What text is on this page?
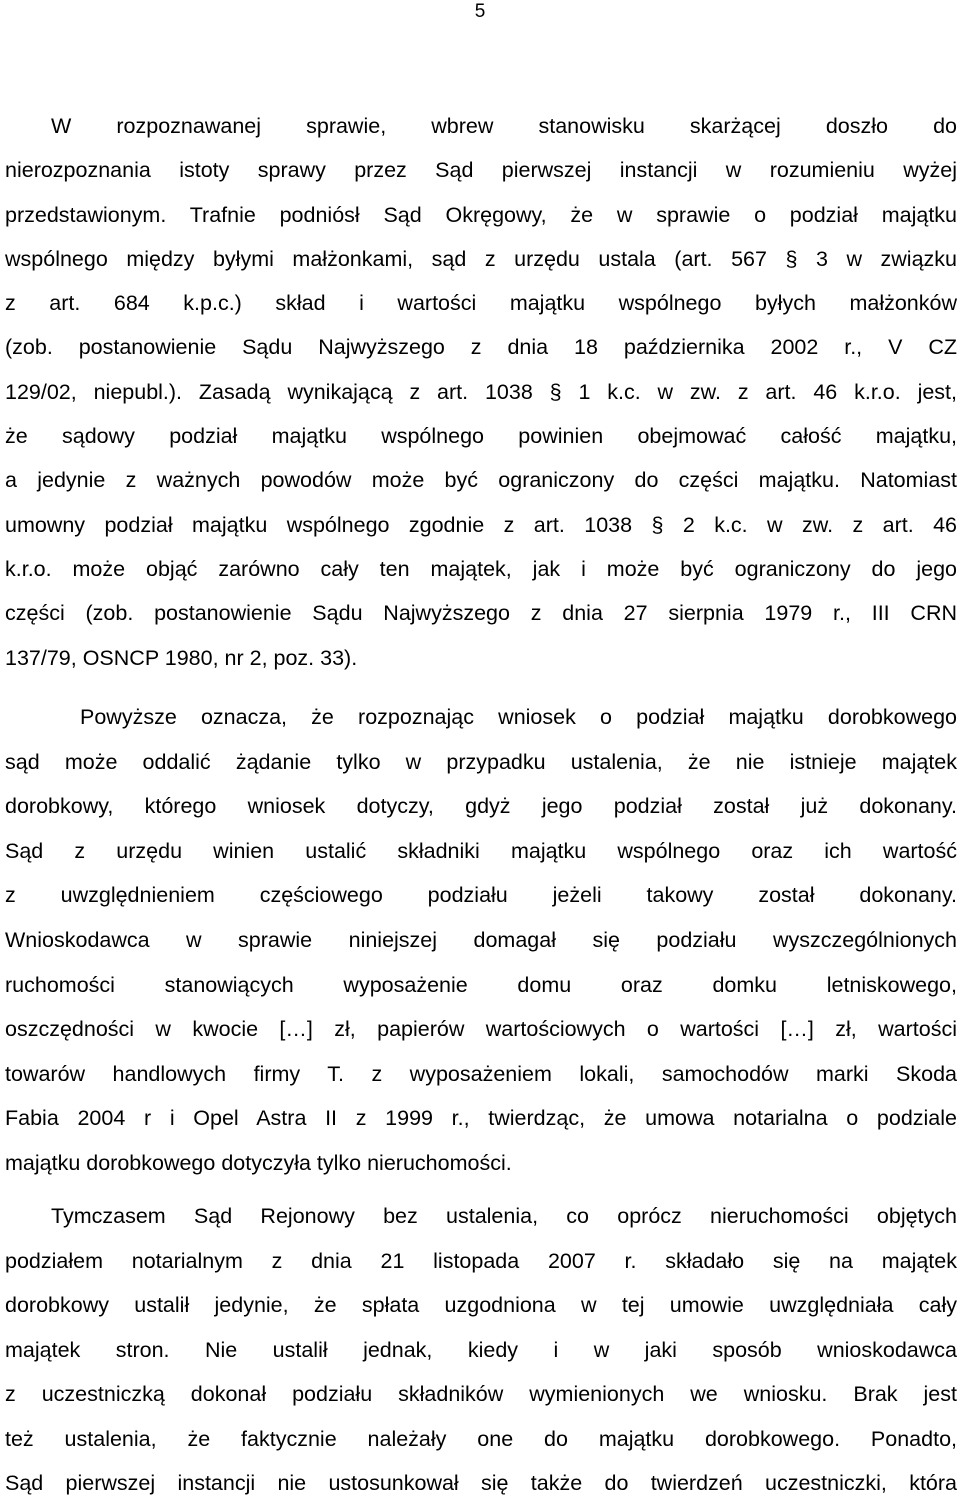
5
W rozpoznawanej sprawie, wbrew stanowisku skarżącej doszło do
nierozpoznania istoty sprawy przez Sąd pierwszej instancji w rozumieniu wyżej
przedstawionym. Trafnie podniósł Sąd Okręgowy, że w sprawie o podział majątku
wspólnego między byłymi małżonkami, sąd z urzędu ustala (art. 567 § 3 w związku
z art. 684 k.p.c.) skład i wartości majątku wspólnego byłych małżonków
(zob. postanowienie Sądu Najwyższego z dnia 18 października 2002 r., V CZ
129/02, niepubl.). Zasadą wynikającą z art. 1038 § 1 k.c. w zw. z art. 46 k.r.o. jest,
że sądowy podział majątku wspólnego powinien obejmować całość majątku,
a jedynie z ważnych powodów może być ograniczony do części majątku. Natomiast
umowny podział majątku wspólnego zgodnie z art. 1038 § 2 k.c. w zw. z art. 46
k.r.o. może objąć zarówno cały ten majątek, jak i może być ograniczony do jego
części (zob. postanowienie Sądu Najwyższego z dnia 27 sierpnia 1979 r., III CRN
137/79, OSNCP 1980, nr 2, poz. 33).
Powyższe oznacza, że rozpoznając wniosek o podział majątku dorobkowego
sąd może oddalić żądanie tylko w przypadku ustalenia, że nie istnieje majątek
dorobkowy, którego wniosek dotyczy, gdyż jego podział został już dokonany.
Sąd z urzędu winien ustalić składniki majątku wspólnego oraz ich wartość
z uwzględnieniem częściowego podziału jeżeli takowy został dokonany.
Wnioskodawca w sprawie niniejszej domagał się podziału wyszczególnionych
ruchomości stanowiących wyposażenie domu oraz domku letniskowego,
oszczędności w kwocie […] zł, papierów wartościowych o wartości […] zł, wartości
towarów handlowych firmy T. z wyposażeniem lokali, samochodów marki Skoda
Fabia 2004 r i Opel Astra II z 1999 r., twierdząc, że umowa notarialna o podziale
majątku dorobkowego dotyczyła tylko nieruchomości.
Tymczasem Sąd Rejonowy bez ustalenia, co oprócz nieruchomości objętych
podziałem notarialnym z dnia 21 listopada 2007 r. składało się na majątek
dorobkowy ustalił jedynie, że spłata uzgodniona w tej umowie uwzględniała cały
majątek stron. Nie ustalił jednak, kiedy i w jaki sposób wnioskodawca
z uczestniczką dokonał podziału składników wymienionych we wniosku. Brak jest
też ustalenia, że faktycznie należały one do majątku dorobkowego. Ponadto,
Sąd pierwszej instancji nie ustosunkował się także do twierdzeń uczestniczki, która
